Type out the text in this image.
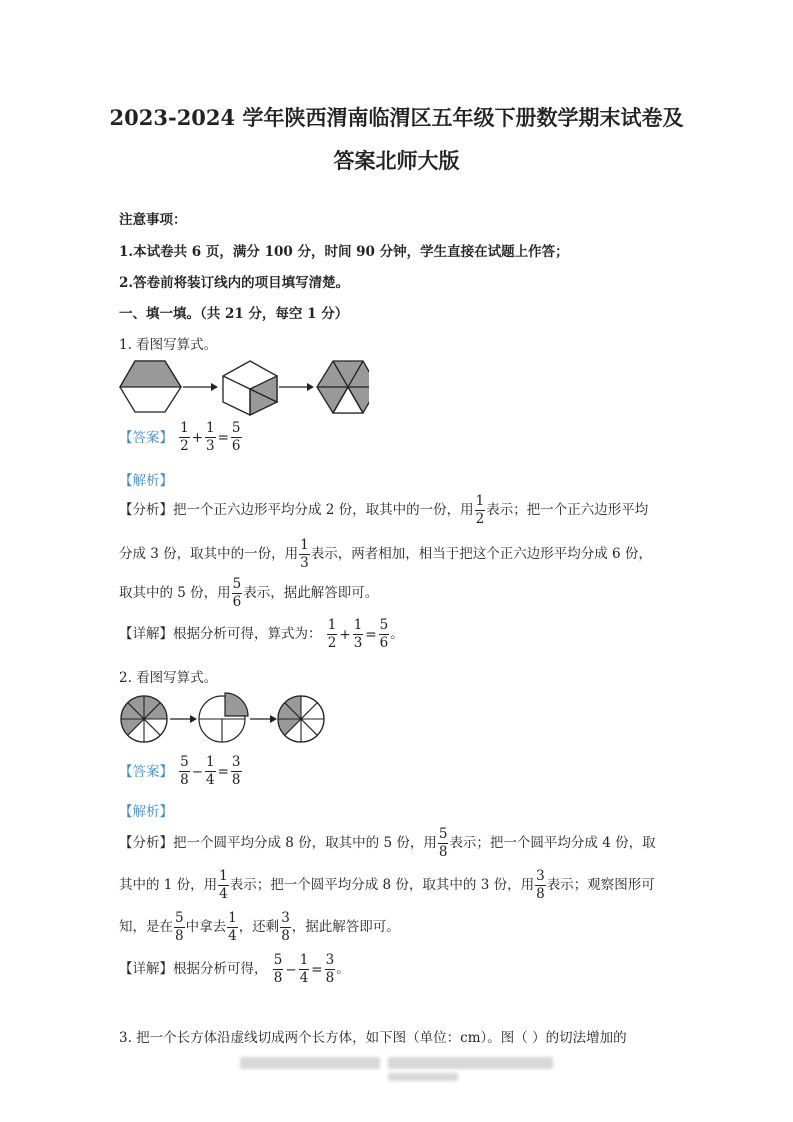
2023-2024 学年陕西渭南临渭区五年级下册数学期末试卷及
答案北师大版
注意事项：
1.本试卷共 6 页，满分 100 分，时间 90 分钟，学生直接在试题上作答；
2.答卷前将装订线内的项目填写清楚。
一、填一填。（共 21 分，每空 1 分）
1. 看图写算式。
【答案】 $\frac{1}{2} + \frac{1}{3} = \frac{5}{6}$
【解析】
【分析】把一个正六边形平均分成 2 份，取其中的一份，用 $\frac{1}{2}$ 表示；把一个正六边形平均
分成 3 份，取其中的一份，用 $\frac{1}{3}$ 表示，两者相加，相当于把这个正六边形平均分成 6 份，
取其中的 5 份，用 $\frac{5}{6}$ 表示，据此解答即可。
【详解】根据分析可得，算式为： $\frac{1}{2} + \frac{1}{3} = \frac{5}{6}$ 。
2. 看图写算式。
【答案】 $\frac{5}{8} - \frac{1}{4} = \frac{3}{8}$
【解析】
【分析】把一个圆平均分成 8 份，取其中的 5 份，用 $\frac{5}{8}$ 表示；把一个圆平均分成 4 份，取
其中的 1 份，用 $\frac{1}{4}$ 表示；把一个圆平均分成 8 份，取其中的 3 份，用 $\frac{3}{8}$ 表示；观察图形可
知，是在 $\frac{5}{8}$ 中拿去 $\frac{1}{4}$ ，还剩 $\frac{3}{8}$ ，据此解答即可。
【详解】根据分析可得， $\frac{5}{8} - \frac{1}{4} = \frac{3}{8}$ 。
3. 把一个长方体沿虚线切成两个长方体，如下图（单位：cm）。图（ ）的切法增加的
